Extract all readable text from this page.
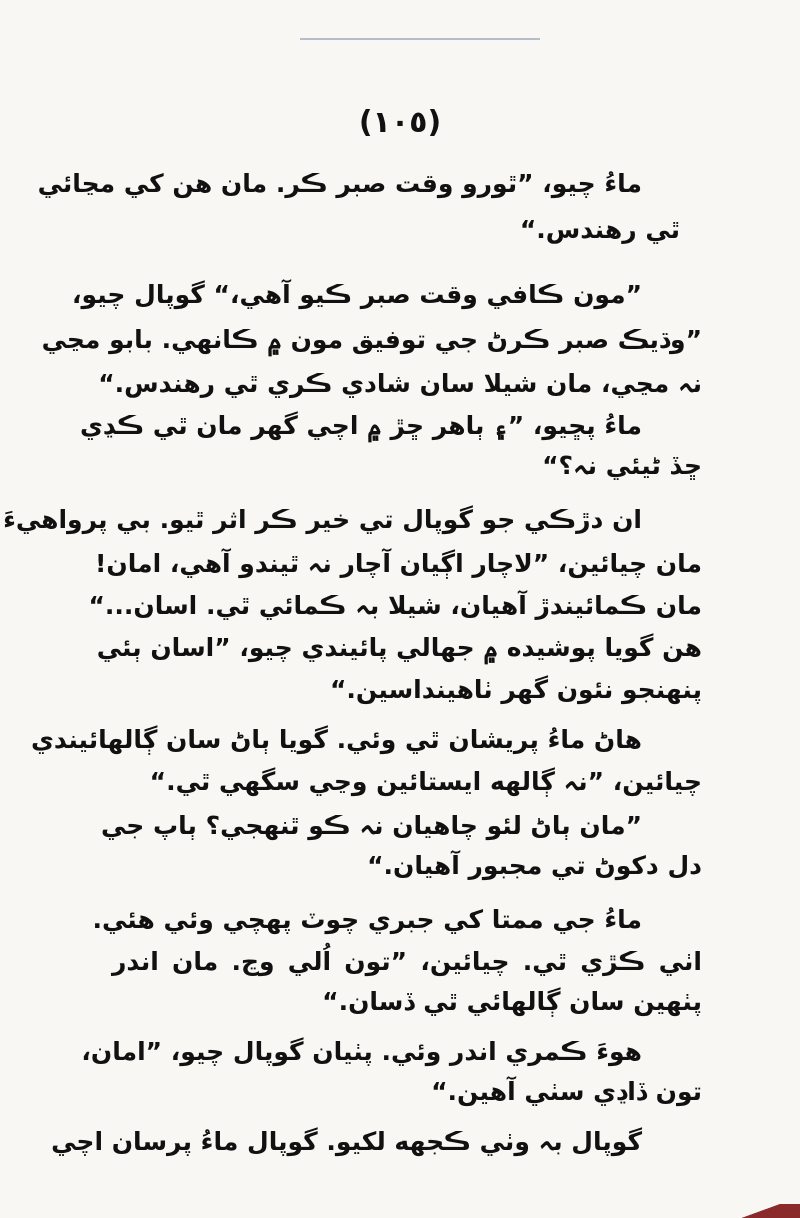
(١٠٥)
ماءُ چيو، ”ٿورو وقت صبر ڪر. مان هن کي مڃائي
ٿي رهندس.“
”مون ڪافي وقت صبر ڪيو آهي،“ گوپال چيو،
”وڌيڪ صبر ڪرڻ جي توفيق مون ۾ ڪانهي. بابو مڃي
نہ مڃي، مان شيلا سان شادي ڪري ٿي رهندس.“
ماءُ پڇيو، ”۽ ٻاهر ڇڙ ۾ اچي گهر مان ٿي ڪڍي
ڇڏ ڻيئي نہ؟“
ان دڙڪي جو گوپال تي خير ڪر اثر ٿيو. بي پرواهيءَ
مان چيائين، ”لاچار اڳيان آچار نہ ٿيندو آهي، امان!
مان ڪمائيندڙ آهيان، شيلا بہ ڪمائي ٿي. اسان...“
هن گويا پوشيده ۾ جهالي پائيندي چيو، ”اسان ٻئي
پنهنجو نئون گهر ٺاهينداسين.“
هاڻ ماءُ پريشان ٿي وئي. گويا ٻاڻ سان ڳالهائيندي
چيائين، ”نہ ڳالهه ايستائين وڃي سگهي ٿي.“
”مان ٻاڻ لئو چاهيان نہ ڪو ٿنهجي؟ ٻاپ جي
دل دکوڻ تي مجبور آهيان.“
ماءُ جي ممتا کي جبري چوٽ پهچي وئي هئي.
اٺي ڪڙي ٿي. چيائين، ”تون اُلي وڃ. مان اندر
پٺهين سان ڳالهائي ٿي ڏسان.“
هوءَ ڪمري اندر وئي. پٺيان گوپال چيو، ”امان،
تون ڏاڍي سٺي آهين.“
گوپال بہ وٺي ڪجهه لکيو. گوپال ماءُ پرسان اچي
